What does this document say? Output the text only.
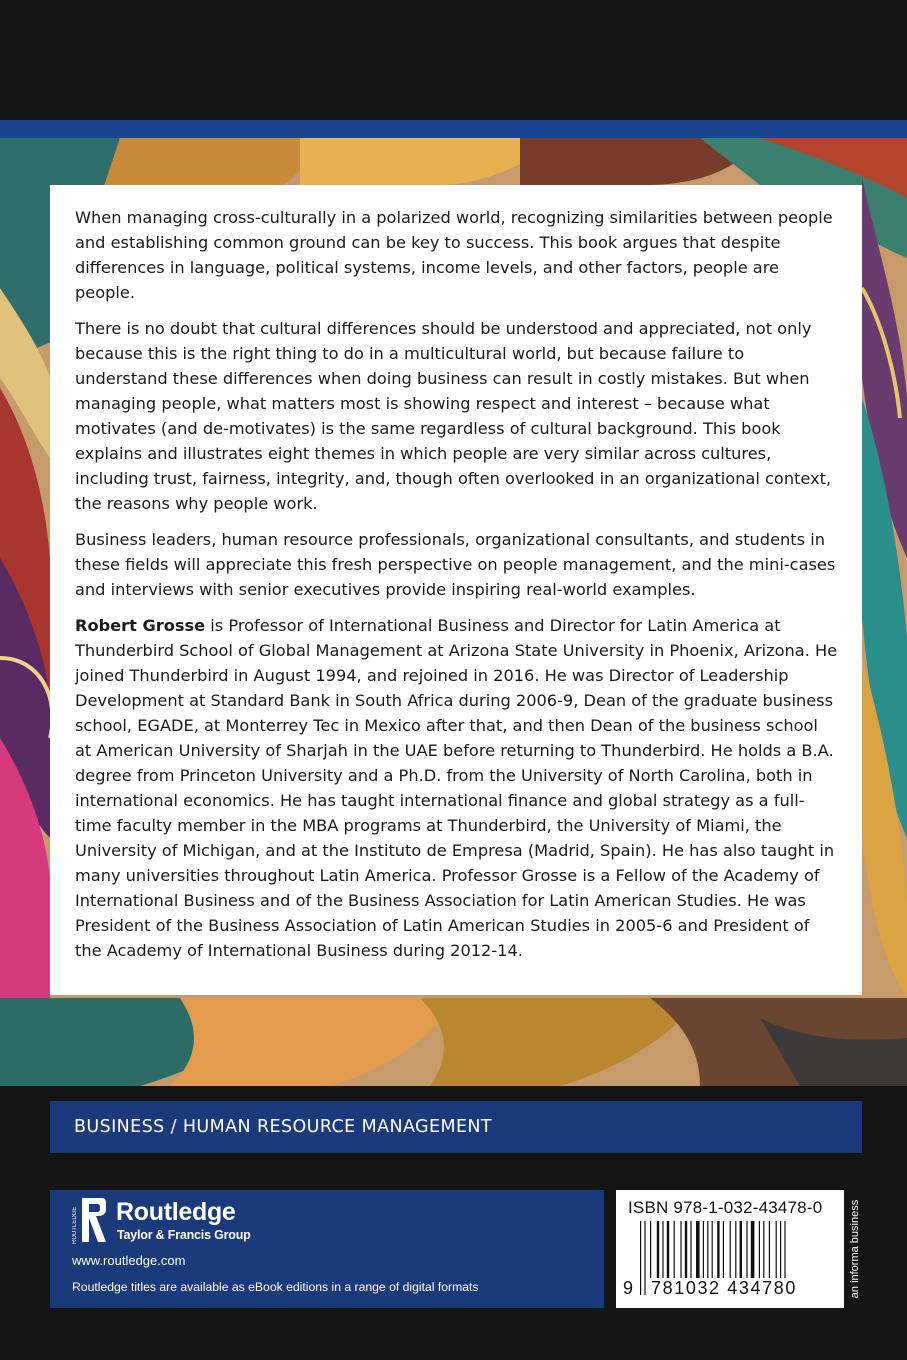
When managing cross-culturally in a polarized world, recognizing similarities between people and establishing common ground can be key to success. This book argues that despite differences in language, political systems, income levels, and other factors, people are people.

There is no doubt that cultural differences should be understood and appreciated, not only because this is the right thing to do in a multicultural world, but because failure to understand these differences when doing business can result in costly mistakes. But when managing people, what matters most is showing respect and interest – because what motivates (and de-motivates) is the same regardless of cultural background. This book explains and illustrates eight themes in which people are very similar across cultures, including trust, fairness, integrity, and, though often overlooked in an organizational context, the reasons why people work.

Business leaders, human resource professionals, organizational consultants, and students in these fields will appreciate this fresh perspective on people management, and the mini-cases and interviews with senior executives provide inspiring real-world examples.

Robert Grosse is Professor of International Business and Director for Latin America at Thunderbird School of Global Management at Arizona State University in Phoenix, Arizona. He joined Thunderbird in August 1994, and rejoined in 2016. He was Director of Leadership Development at Standard Bank in South Africa during 2006-9, Dean of the graduate business school, EGADE, at Monterrey Tec in Mexico after that, and then Dean of the business school at American University of Sharjah in the UAE before returning to Thunderbird. He holds a B.A. degree from Princeton University and a Ph.D. from the University of North Carolina, both in international economics. He has taught international finance and global strategy as a full-time faculty member in the MBA programs at Thunderbird, the University of Miami, the University of Michigan, and at the Instituto de Empresa (Madrid, Spain). He has also taught in many universities throughout Latin America. Professor Grosse is a Fellow of the Academy of International Business and of the Business Association for Latin American Studies. He was President of the Business Association of Latin American Studies in 2005-6 and President of the Academy of International Business during 2012-14.

BUSINESS / HUMAN RESOURCE MANAGEMENT
ROUTLEDGE Routledge
Taylor & Francis Group
www.routledge.com
Routledge titles are available as eBook editions in a range of digital formats
ISBN 978-1-032-43478-0
9 781032 434780	an informa business
